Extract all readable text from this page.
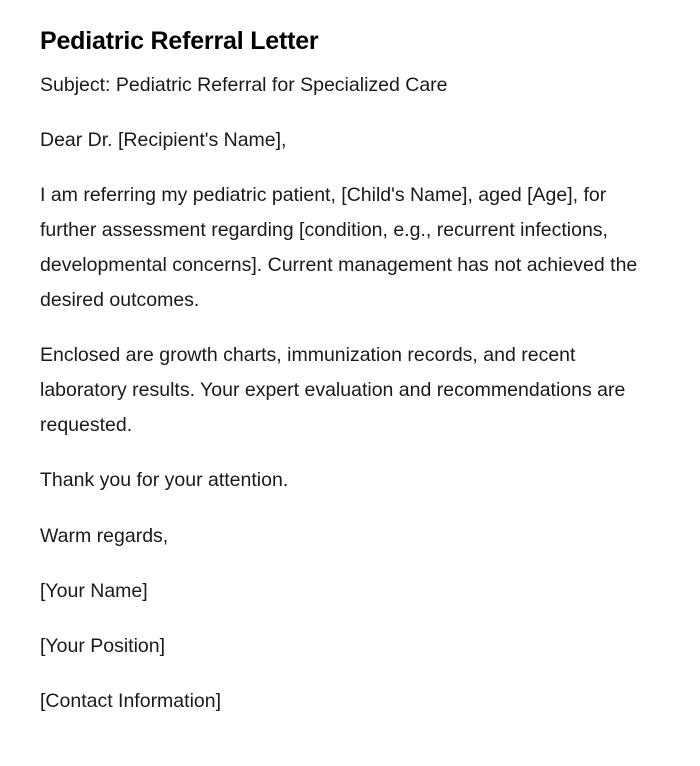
Pediatric Referral Letter

Subject: Pediatric Referral for Specialized Care

Dear Dr. [Recipient's Name],

I am referring my pediatric patient, [Child's Name], aged [Age], for further assessment regarding [condition, e.g., recurrent infections, developmental concerns]. Current management has not achieved the desired outcomes.

Enclosed are growth charts, immunization records, and recent laboratory results. Your expert evaluation and recommendations are requested.

Thank you for your attention.

Warm regards,

[Your Name]

[Your Position]

[Contact Information]
